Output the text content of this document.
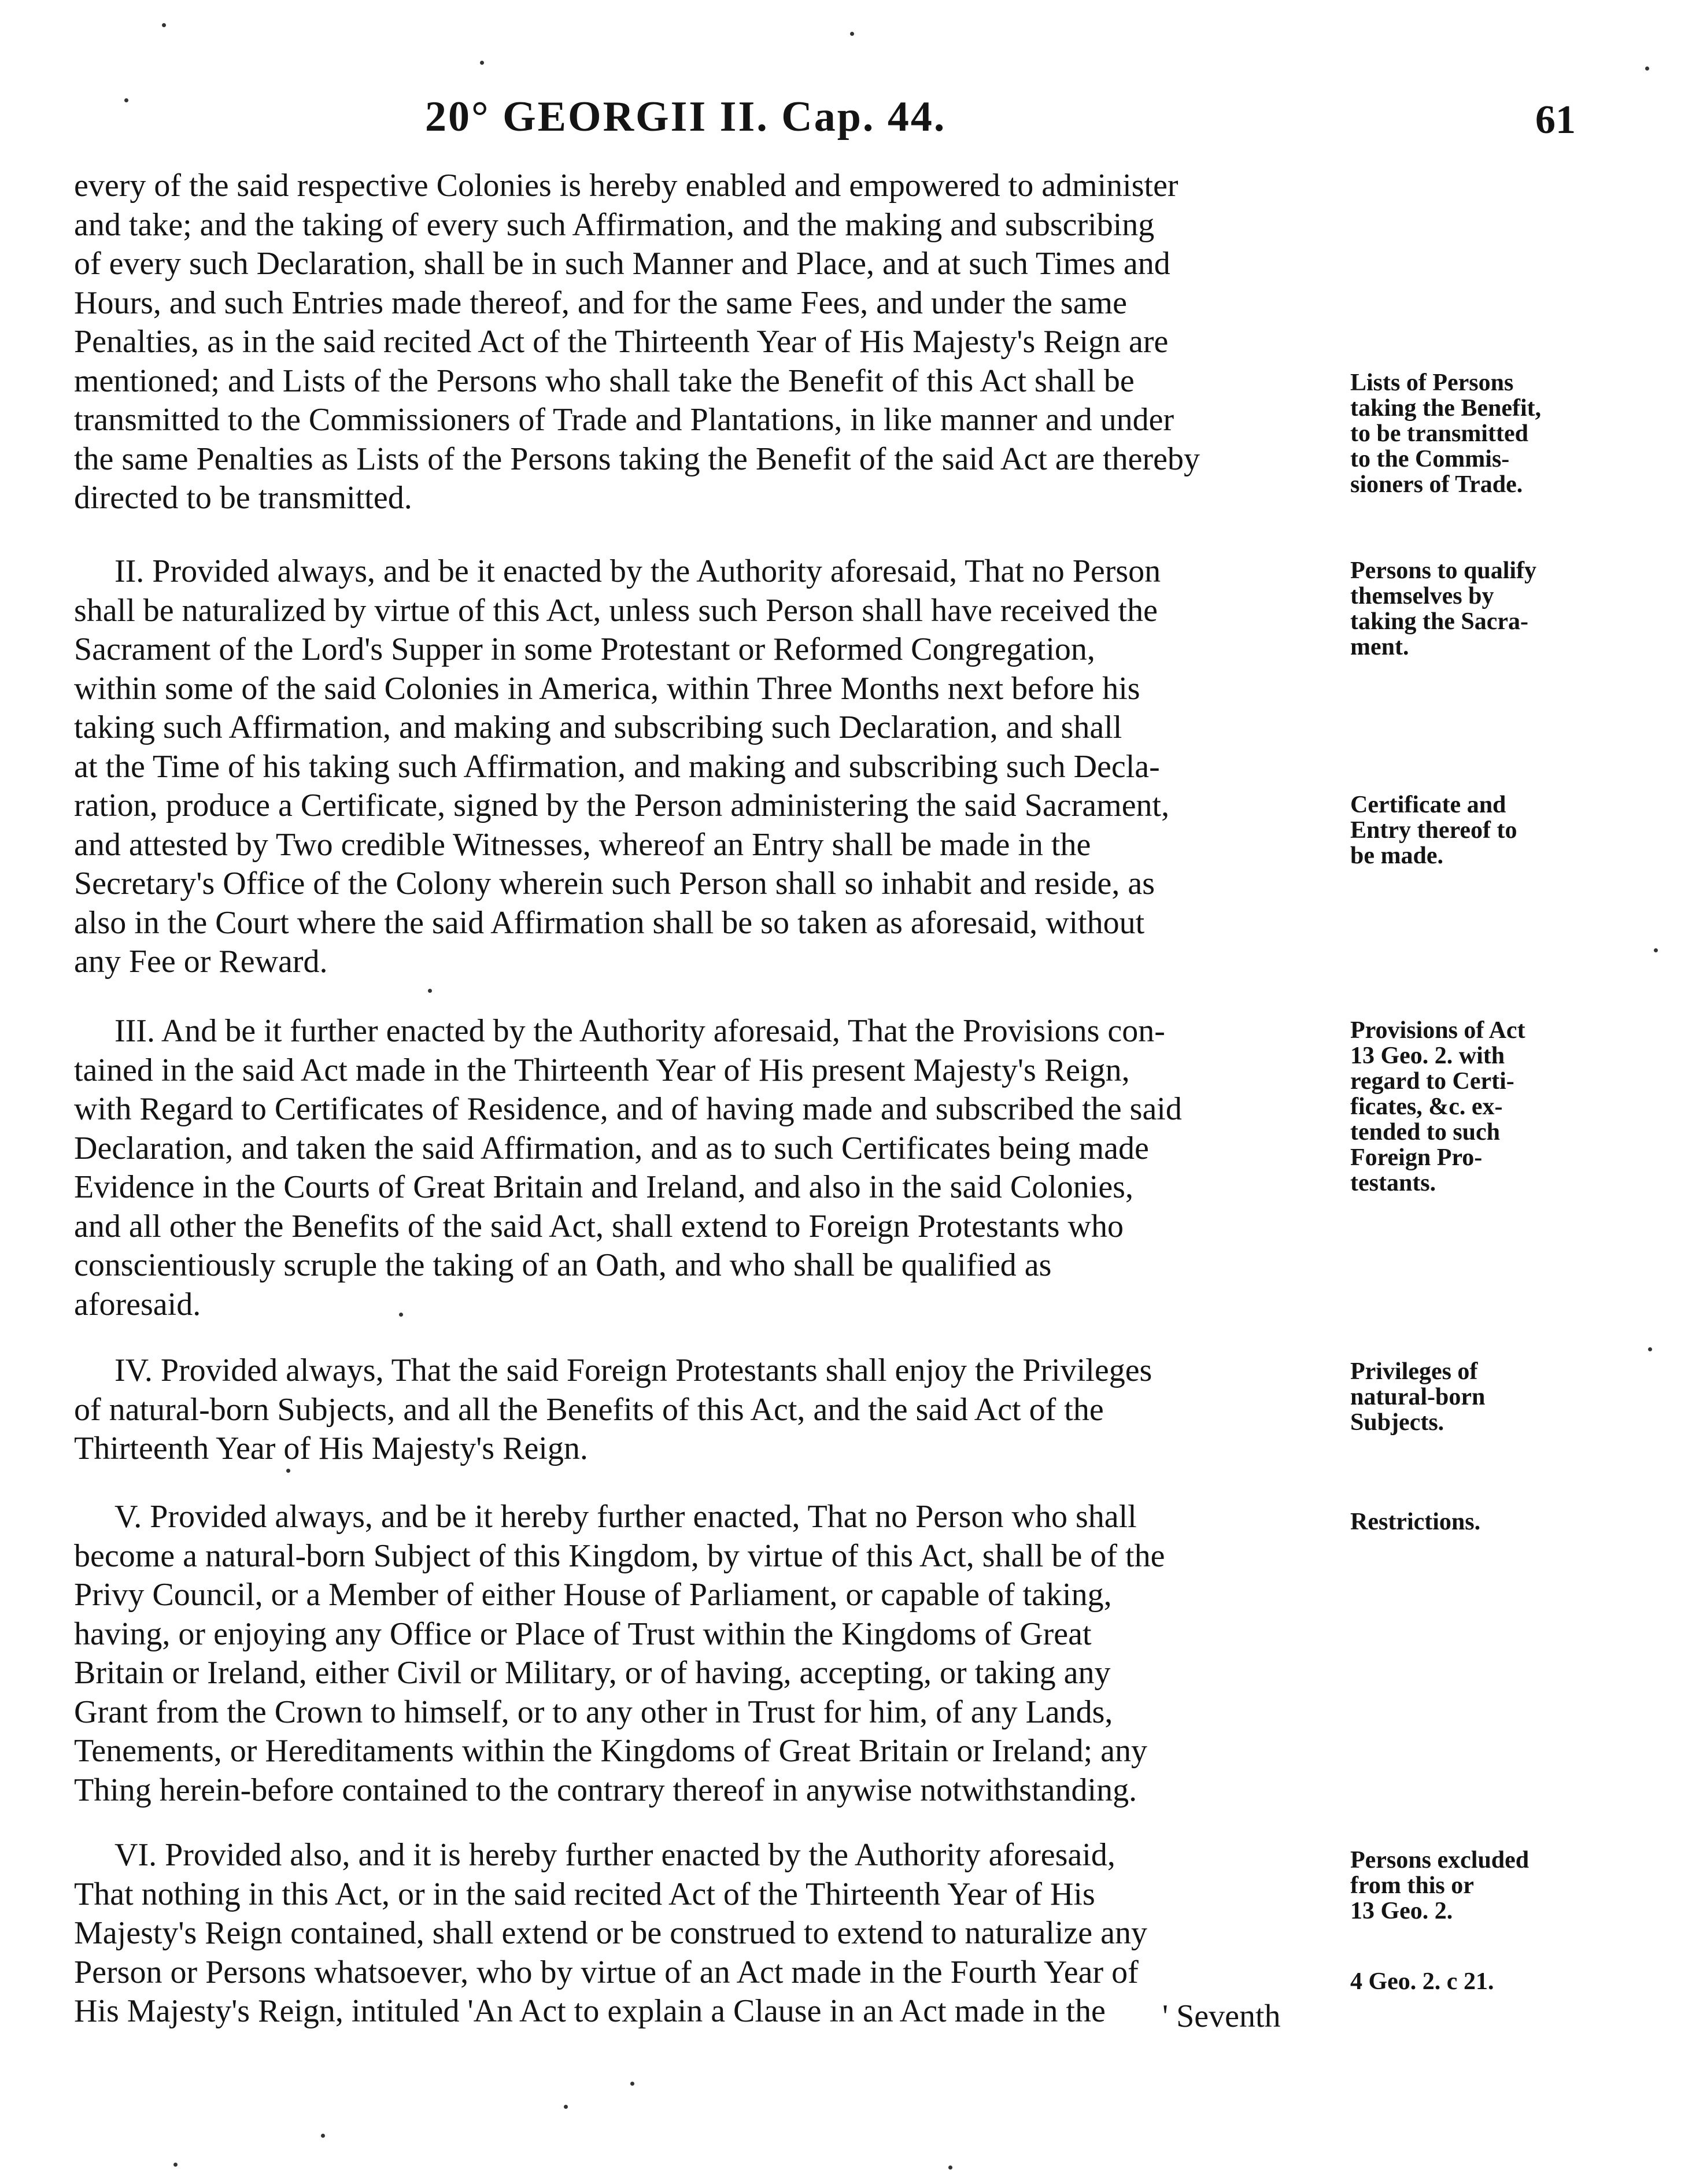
20° GEORGII II. Cap. 44.	61
every of the said respective Colonies is hereby enabled and empowered to administer
and take; and the taking of every such Affirmation, and the making and subscribing
of every such Declaration, shall be in such Manner and Place, and at such Times and
Hours, and such Entries made thereof, and for the same Fees, and under the same
Penalties, as in the said recited Act of the Thirteenth Year of His Majesty's Reign are
mentioned; and Lists of the Persons who shall take the Benefit of this Act shall be
transmitted to the Commissioners of Trade and Plantations, in like manner and under
the same Penalties as Lists of the Persons taking the Benefit of the said Act are thereby
directed to be transmitted.
II. Provided always, and be it enacted by the Authority aforesaid, That no Person
shall be naturalized by virtue of this Act, unless such Person shall have received the
Sacrament of the Lord's Supper in some Protestant or Reformed Congregation,
within some of the said Colonies in America, within Three Months next before his
taking such Affirmation, and making and subscribing such Declaration, and shall
at the Time of his taking such Affirmation, and making and subscribing such Decla-
ration, produce a Certificate, signed by the Person administering the said Sacrament,
and attested by Two credible Witnesses, whereof an Entry shall be made in the
Secretary's Office of the Colony wherein such Person shall so inhabit and reside, as
also in the Court where the said Affirmation shall be so taken as aforesaid, without
any Fee or Reward.
III. And be it further enacted by the Authority aforesaid, That the Provisions con-
tained in the said Act made in the Thirteenth Year of His present Majesty's Reign,
with Regard to Certificates of Residence, and of having made and subscribed the said
Declaration, and taken the said Affirmation, and as to such Certificates being made
Evidence in the Courts of Great Britain and Ireland, and also in the said Colonies,
and all other the Benefits of the said Act, shall extend to Foreign Protestants who
conscientiously scruple the taking of an Oath, and who shall be qualified as
aforesaid.
IV. Provided always, That the said Foreign Protestants shall enjoy the Privileges
of natural-born Subjects, and all the Benefits of this Act, and the said Act of the
Thirteenth Year of His Majesty's Reign.
V. Provided always, and be it hereby further enacted, That no Person who shall
become a natural-born Subject of this Kingdom, by virtue of this Act, shall be of the
Privy Council, or a Member of either House of Parliament, or capable of taking,
having, or enjoying any Office or Place of Trust within the Kingdoms of Great
Britain or Ireland, either Civil or Military, or of having, accepting, or taking any
Grant from the Crown to himself, or to any other in Trust for him, of any Lands,
Tenements, or Hereditaments within the Kingdoms of Great Britain or Ireland; any
Thing herein-before contained to the contrary thereof in anywise notwithstanding.
VI. Provided also, and it is hereby further enacted by the Authority aforesaid,
That nothing in this Act, or in the said recited Act of the Thirteenth Year of His
Majesty's Reign contained, shall extend or be construed to extend to naturalize any
Person or Persons whatsoever, who by virtue of an Act made in the Fourth Year of
His Majesty's Reign, intituled 'An Act to explain a Clause in an Act made in the	' Seventh
Lists of Persons
taking the Benefit,
to be transmitted
to the Commis-
sioners of Trade.
Persons to qualify
themselves by
taking the Sacra-
ment.
Certificate and
Entry thereof to
be made.
Provisions of Act
13 Geo. 2. with
regard to Certi-
ficates, &c. ex-
tended to such
Foreign Pro-
testants.
Privileges of
natural-born
Subjects.
Restrictions.
Persons excluded
from this or
13 Geo. 2.
4 Geo. 2. c 21.
